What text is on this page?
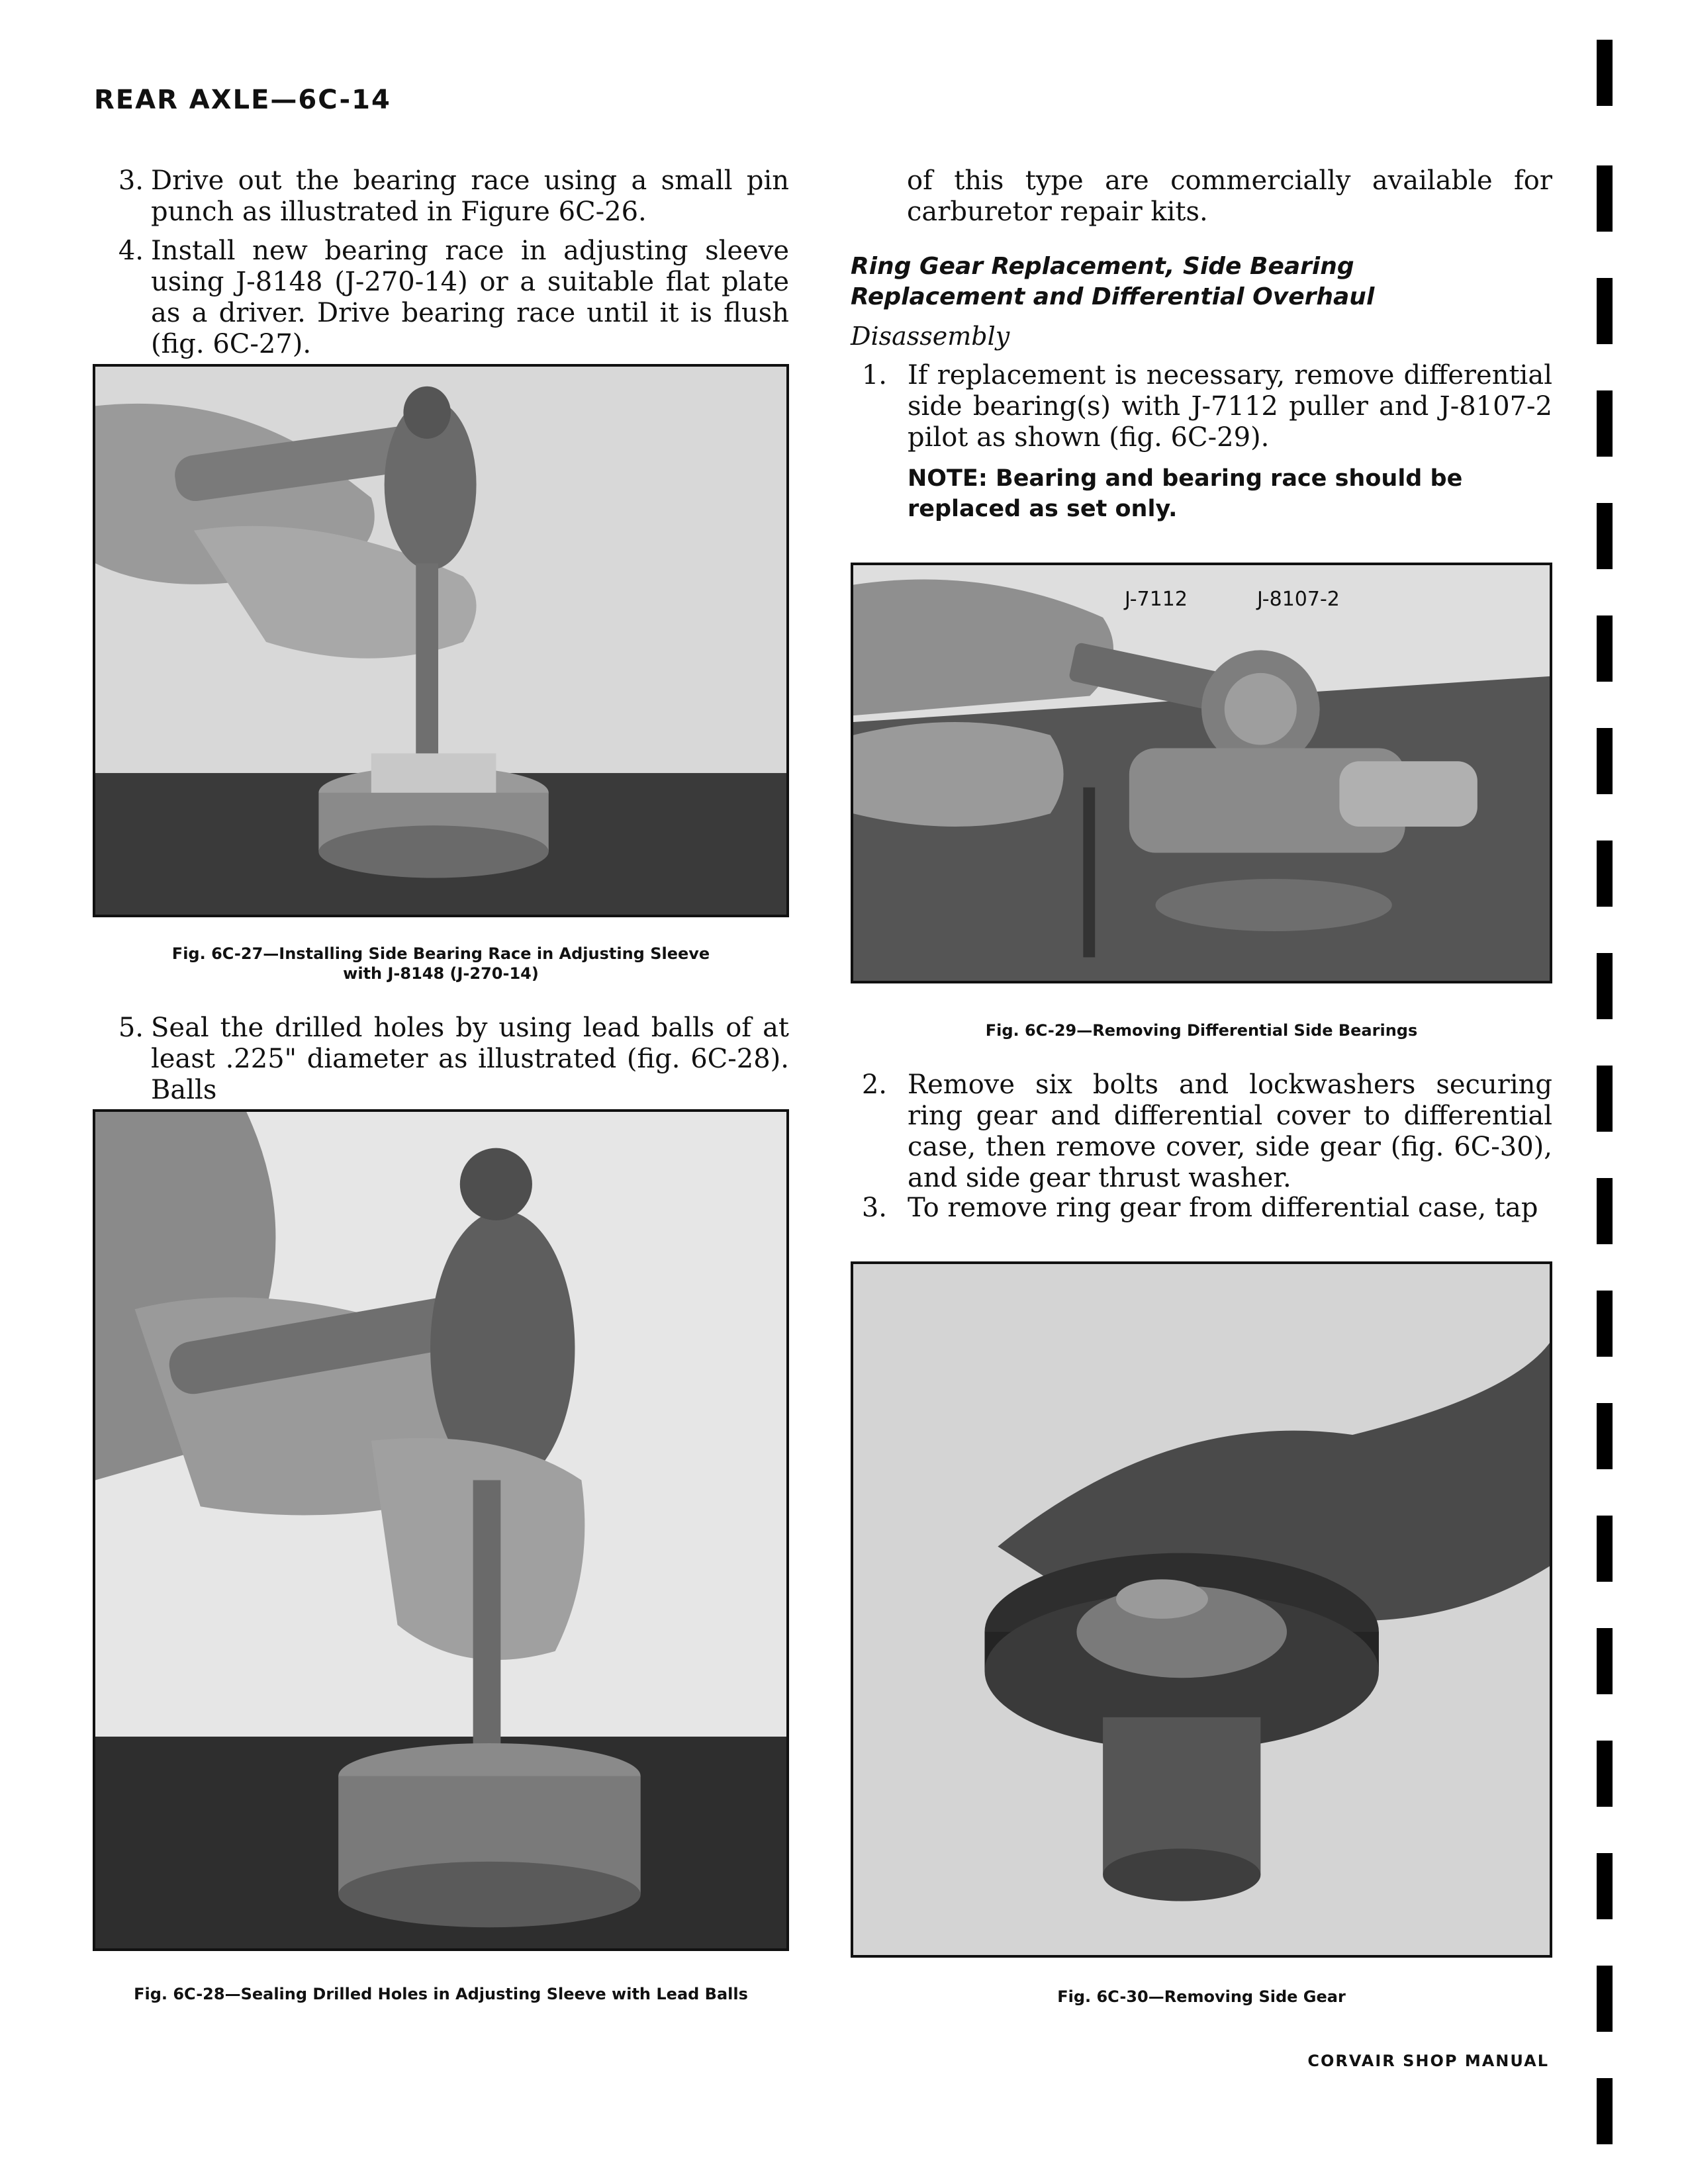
REAR AXLE—6C-14
3. Drive out the bearing race using a small pin punch as illustrated in Figure 6C-26.
4. Install new bearing race in adjusting sleeve using J-8148 (J-270-14) or a suitable flat plate as a driver. Drive bearing race until it is flush (fig. 6C-27).
Fig. 6C-27—Installing Side Bearing Race in Adjusting Sleeve
with J-8148 (J-270-14)
5. Seal the drilled holes by using lead balls of at least .225" diameter as illustrated (fig. 6C-28). Balls
Fig. 6C-28—Sealing Drilled Holes in Adjusting Sleeve with Lead Balls
of this type are commercially available for carburetor repair kits.
Ring Gear Replacement, Side Bearing
Replacement and Differential Overhaul
Disassembly
1. If replacement is necessary, remove differential side bearing(s) with J-7112 puller and J-8107-2 pilot as shown (fig. 6C-29).
NOTE: Bearing and bearing race should be replaced as set only.
J-7112	J-8107-2
Fig. 6C-29—Removing Differential Side Bearings
2. Remove six bolts and lockwashers securing ring gear and differential cover to differential case, then remove cover, side gear (fig. 6C-30), and side gear thrust washer.
3. To remove ring gear from differential case, tap
Fig. 6C-30—Removing Side Gear
CORVAIR SHOP MANUAL
